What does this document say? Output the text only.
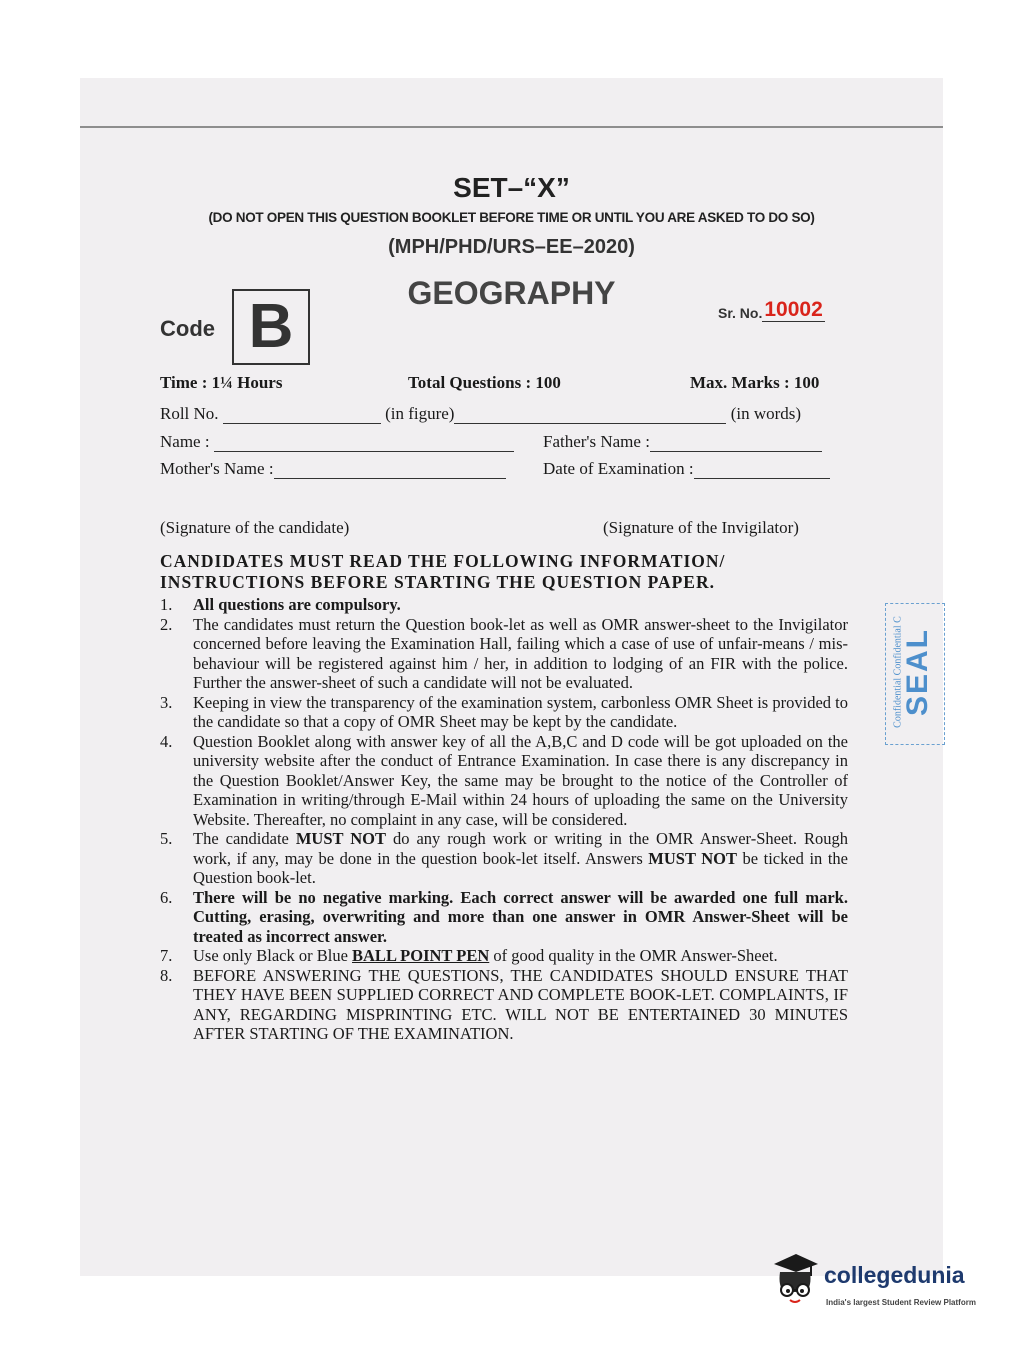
SET–“X”
(DO NOT OPEN THIS QUESTION BOOKLET BEFORE TIME OR UNTIL YOU ARE ASKED TO DO SO)
(MPH/PHD/URS–EE–2020)
GEOGRAPHY
Code B	Sr. No.10002
Time : 1¼ Hours	Total Questions : 100	Max. Marks : 100
Roll No.	(in figure)	(in words)
Name :	Father's Name :
Mother's Name :	Date of Examination :
(Signature of the candidate)	(Signature of the Invigilator)
CANDIDATES MUST READ THE FOLLOWING INFORMATION/ INSTRUCTIONS BEFORE STARTING THE QUESTION PAPER.
1.	All questions are compulsory.
2.	The candidates must return the Question book-let as well as OMR answer-sheet to the Invigilator concerned before leaving the Examination Hall, failing which a case of use of unfair-means / mis-behaviour will be registered against him / her, in addition to lodging of an FIR with the police. Further the answer-sheet of such a candidate will not be evaluated.
3.	Keeping in view the transparency of the examination system, carbonless OMR Sheet is provided to the candidate so that a copy of OMR Sheet may be kept by the candidate.
4.	Question Booklet along with answer key of all the A,B,C and D code will be got uploaded on the university website after the conduct of Entrance Examination. In case there is any discrepancy in the Question Booklet/Answer Key, the same may be brought to the notice of the Controller of Examination in writing/through E-Mail within 24 hours of uploading the same on the University Website. Thereafter, no complaint in any case, will be considered.
5.	The candidate MUST NOT do any rough work or writing in the OMR Answer-Sheet. Rough work, if any, may be done in the question book-let itself. Answers MUST NOT be ticked in the Question book-let.
6.	There will be no negative marking. Each correct answer will be awarded one full mark. Cutting, erasing, overwriting and more than one answer in OMR Answer-Sheet will be treated as incorrect answer.
7.	Use only Black or Blue BALL POINT PEN of good quality in the OMR Answer-Sheet.
8.	BEFORE ANSWERING THE QUESTIONS, THE CANDIDATES SHOULD ENSURE THAT THEY HAVE BEEN SUPPLIED CORRECT AND COMPLETE BOOK-LET. COMPLAINTS, IF ANY, REGARDING MISPRINTING ETC. WILL NOT BE ENTERTAINED 30 MINUTES AFTER STARTING OF THE EXAMINATION.
SEAL
Confidential Confidential C
collegedunia
India's largest Student Review Platform
